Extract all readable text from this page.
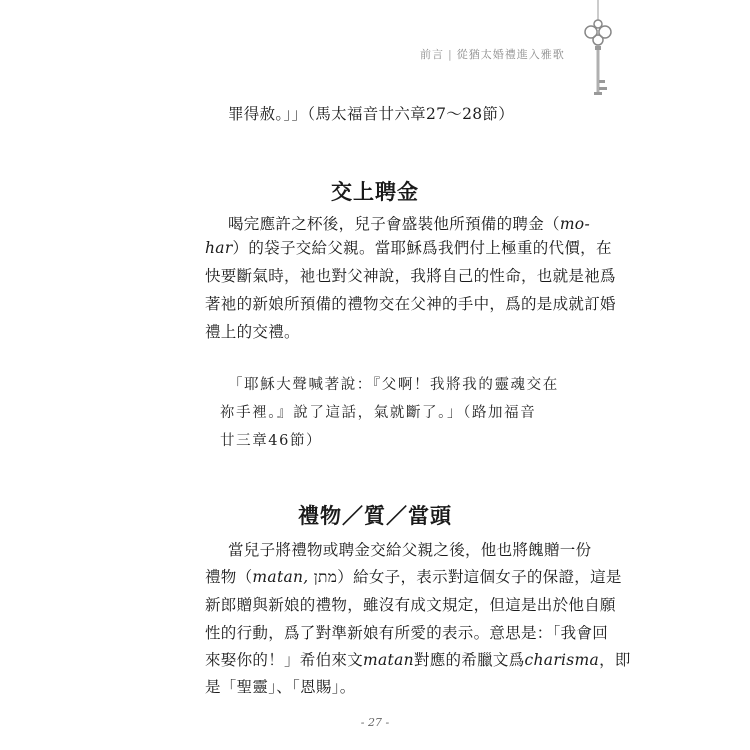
前言 | 從猶太婚禮進入雅歌
罪得赦。」」（馬太福音廿六章27～28節）
交上聘金
喝完應許之杯後，兒子會盛裝他所預備的聘金（mo-
har）的袋子交給父親。當耶穌爲我們付上極重的代價，在
快要斷氣時，祂也對父神說，我將自己的性命，也就是祂爲
著祂的新娘所預備的禮物交在父神的手中，爲的是成就訂婚
禮上的交禮。
「耶穌大聲喊著說：『父啊！我將我的靈魂交在
祢手裡。』說了這話，氣就斷了。」（路加福音
廿三章46節）
禮物／質／當頭
當兒子將禮物或聘金交給父親之後，他也將餽贈一份
禮物（matan, מתן）給女子，表示對這個女子的保證，這是
新郎贈與新娘的禮物，雖沒有成文規定，但這是出於他自願
性的行動，爲了對準新娘有所愛的表示。意思是：「我會回
來娶你的！」希伯來文matan對應的希臘文爲charisma，即
是「聖靈」、「恩賜」。
- 27 -
